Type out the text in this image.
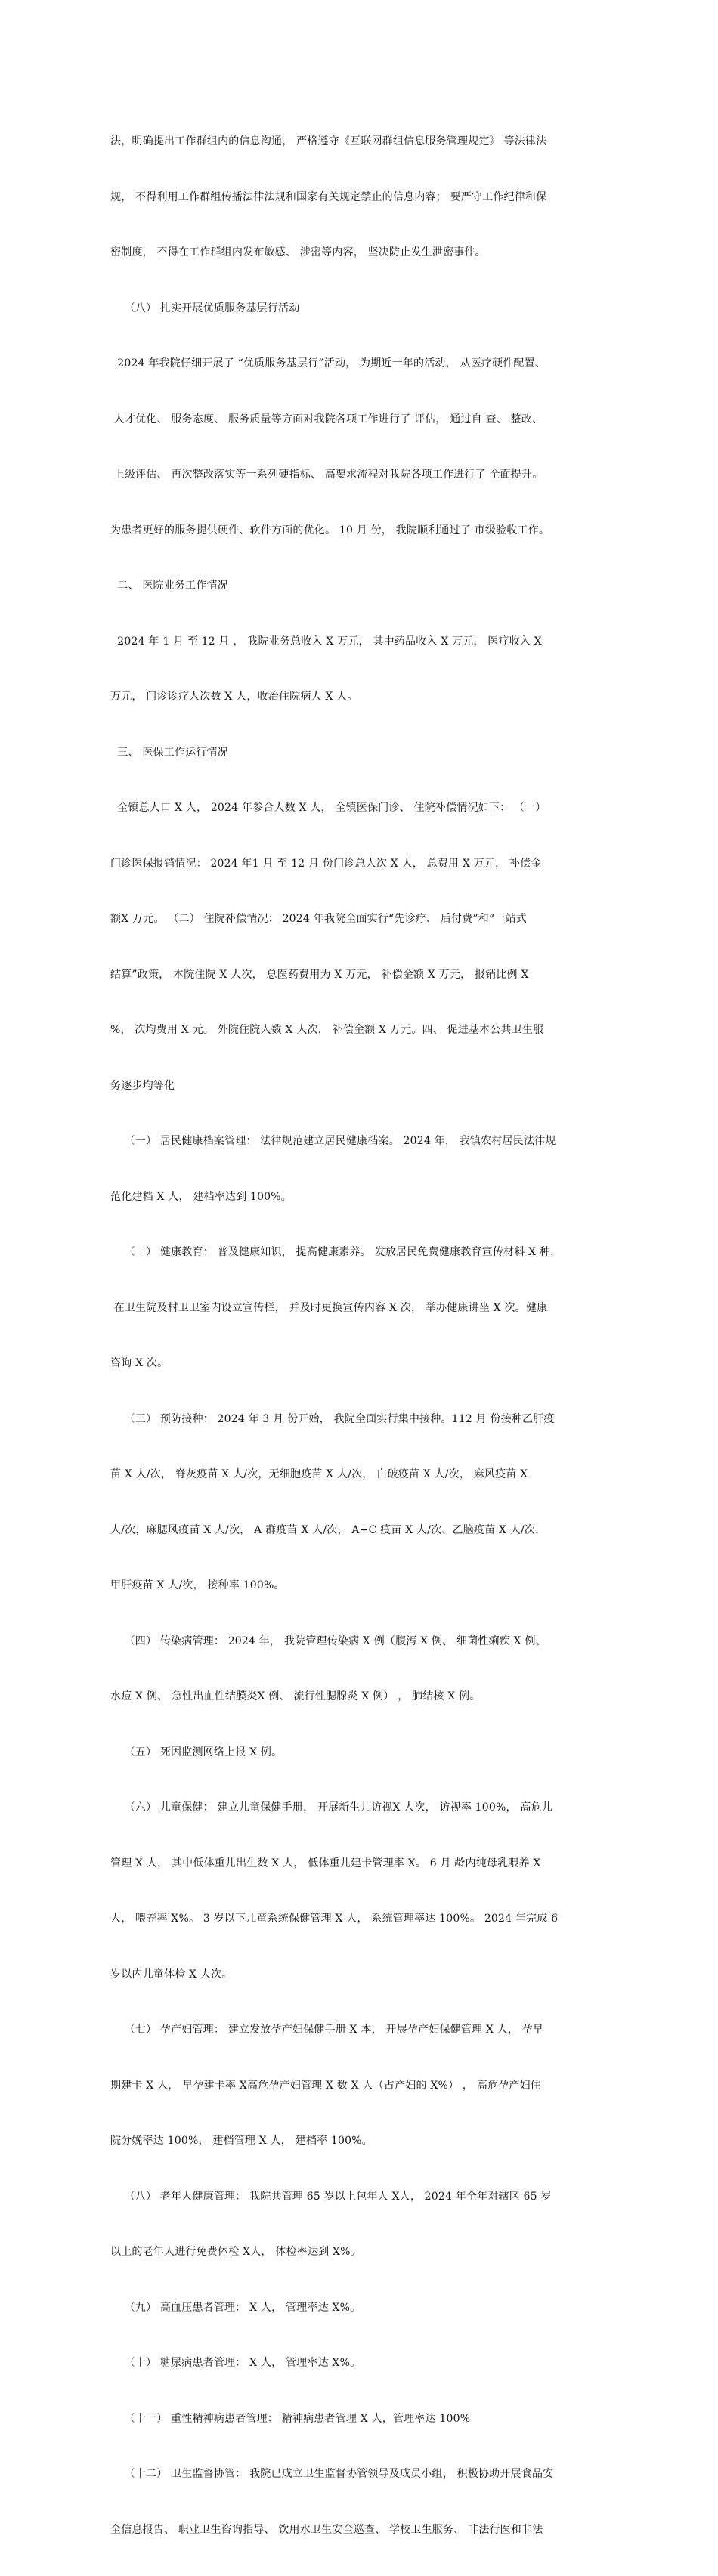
法，明确提出工作群组内的信息沟通， 严格遵守《互联网群组信息服务管理规定》 等法律法

规， 不得利用工作群组传播法律法规和国家有关规定禁止的信息内容； 要严守工作纪律和保

密制度， 不得在工作群组内发布敏感、 涉密等内容， 坚决防止发生泄密事件。

（八） 扎实开展优质服务基层行活动

2024 年我院仔细开展了 “优质服务基层行”活动， 为期近一年的活动， 从医疗硬件配置、

人才优化、 服务态度、 服务质量等方面对我院各项工作进行了 评估， 通过自 查、 整改、

上级评估、 再次整改落实等一系列硬指标、 高要求流程对我院各项工作进行了 全面提升。

为患者更好的服务提供硬件、软件方面的优化。 10 月 份， 我院顺利通过了 市级验收工作。

二、 医院业务工作情况

2024 年 1 月 至 12 月 ， 我院业务总收入 X 万元， 其中药品收入 X 万元， 医疗收入 X

万元， 门诊诊疗人次数 X 人，收治住院病人 X 人。

三、 医保工作运行情况

全镇总人口 X 人， 2024 年参合人数 X 人， 全镇医保门诊、 住院补偿情况如下： （一）

门诊医保报销情况： 2024 年1 月 至 12 月 份门诊总人次 X 人， 总费用 X 万元， 补偿金

额X 万元。 （二） 住院补偿情况： 2024 年我院全面实行“先诊疗、 后付费”和“一站式

结算”政策， 本院住院 X 人次， 总医药费用为 X 万元， 补偿金额 X 万元， 报销比例 X

%， 次均费用 X 元。 外院住院人数 X 人次， 补偿金额 X 万元。四、 促进基本公共卫生服

务逐步均等化

（一） 居民健康档案管理： 法律规范建立居民健康档案。 2024 年， 我镇农村居民法律规

范化建档 X 人， 建档率达到 100%。

（二） 健康教育： 普及健康知识， 提高健康素养。 发放居民免费健康教育宣传材料 X 种，

在卫生院及村卫卫室内设立宣传栏， 并及时更换宣传内容 X 次， 举办健康讲坐 X 次。健康

咨询 X 次。

（三） 预防接种： 2024 年 3 月 份开始， 我院全面实行集中接种。112 月 份接种乙肝疫

苗 X 人/次， 脊灰疫苗 X 人/次，无细胞疫苗 X 人/次， 白破疫苗 X 人/次， 麻风疫苗 X

人/次，麻腮风疫苗 X 人/次， A 群疫苗 X 人/次， A+C 疫苗 X 人/次、乙脑疫苗 X 人/次，

甲肝疫苗 X 人/次， 接种率 100%。

（四） 传染病管理： 2024 年， 我院管理传染病 X 例（腹泻 X 例、 细菌性痢疾 X 例、

水痘 X 例、 急性出血性结膜炎X 例、 流行性腮腺炎 X 例） ， 肺结核 X 例。

（五） 死因监测网络上报 X 例。

（六） 儿童保健： 建立儿童保健手册， 开展新生儿访视X 人次， 访视率 100%， 高危儿

管理 X 人， 其中低体重儿出生数 X 人， 低体重儿建卡管理率 X。 6 月 龄内纯母乳喂养 X

人， 喂养率 X%。 3 岁以下儿童系统保健管理 X 人， 系统管理率达 100%。 2024 年完成 6

岁以内儿童体检 X 人次。

（七） 孕产妇管理： 建立发放孕产妇保健手册 X 本， 开展孕产妇保健管理 X 人， 孕早

期建卡 X 人， 早孕建卡率 X高危孕产妇管理 X 数 X 人（占产妇的 X%） ， 高危孕产妇住

院分娩率达 100%， 建档管理 X 人， 建档率 100%。

（八） 老年人健康管理： 我院共管理 65 岁以上包年人 X人， 2024 年全年对辖区 65 岁

以上的老年人进行免费体检 X人， 体检率达到 X%。

（九） 高血压患者管理： X 人， 管理率达 X%。

（十） 糖尿病患者管理： X 人， 管理率达 X%。

（十一） 重性精神病患者管理： 精神病患者管理 X 人，管理率达 100%

（十二） 卫生监督协管： 我院已成立卫生监督协管领导及成员小组， 积极协助开展食品安

全信息报告、 职业卫生咨询指导、 饮用水卫生安全巡查、 学校卫生服务、 非法行医和非法
